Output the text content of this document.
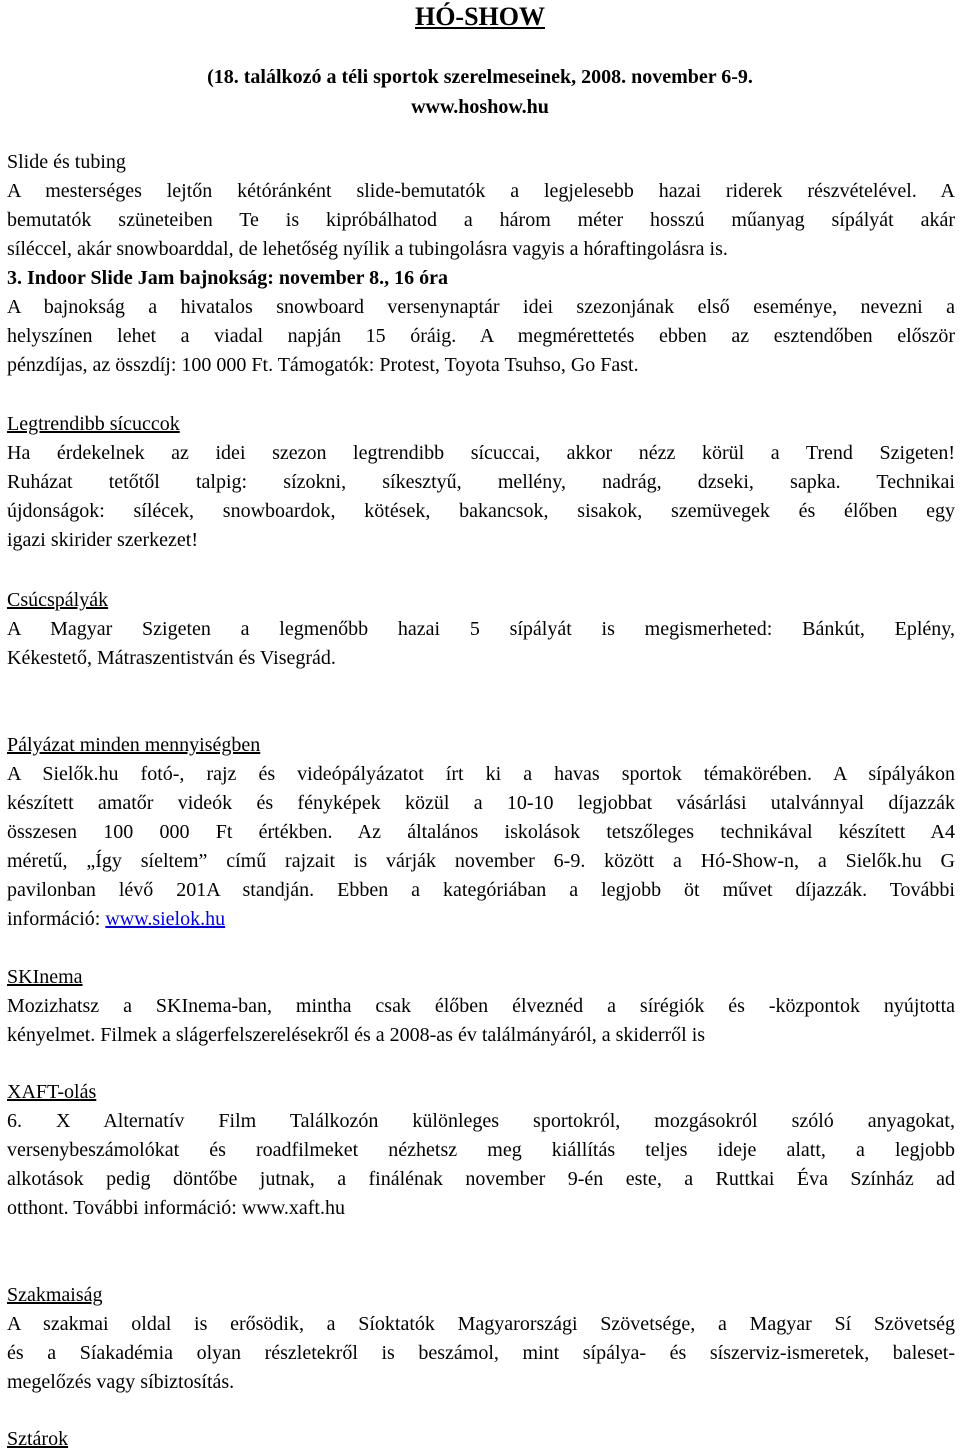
HÓ-SHOW
(18. találkozó a téli sportok szerelmeseinek, 2008. november 6-9.
www.hoshow.hu
Slide és tubing
A mesterséges lejtőn kétóránként slide-bemutatók a legjelesebb hazai riderek részvételével. A
bemutatók szüneteiben Te is kipróbálhatod a három méter hosszú műanyag sípályát akár
síléccel, akár snowboarddal, de lehetőség nyílik a tubingolásra vagyis a hóraftingolásra is.
3. Indoor Slide Jam bajnokság: november 8., 16 óra
A bajnokság a hivatalos snowboard versenynaptár idei szezonjának első eseménye, nevezni a
helyszínen lehet a viadal napján 15 óráig. A megmérettetés ebben az esztendőben először
pénzdíjas, az összdíj: 100 000 Ft. Támogatók: Protest, Toyota Tsuhso, Go Fast.
Legtrendibb sícuccok
Ha érdekelnek az idei szezon legtrendibb sícuccai, akkor nézz körül a Trend Szigeten!
Ruházat tetőtől talpig: sízokni, síkesztyű, mellény, nadrág, dzseki, sapka. Technikai
újdonságok: sílécek, snowboardok, kötések, bakancsok, sisakok, szemüvegek és élőben egy
igazi skirider szerkezet!
Csúcspályák
A Magyar Szigeten a legmenőbb hazai 5 sípályát is megismerheted: Bánkút, Eplény,
Kékestető, Mátraszentistván és Visegrád.
Pályázat minden mennyiségben
A Sielők.hu fotó-, rajz és videópályázatot írt ki a havas sportok témakörében. A sípályákon
készített amatőr videók és fényképek közül a 10-10 legjobbat vásárlási utalvánnyal díjazzák
összesen 100 000 Ft értékben. Az általános iskolások tetszőleges technikával készített A4
méretű, „Így síeltem” című rajzait is várják november 6-9. között a Hó-Show-n, a Sielők.hu G
pavilonban lévő 201A standján. Ebben a kategóriában a legjobb öt művet díjazzák. További
információ: www.sielok.hu
SKInema
Mozizhatsz a SKInema-ban, mintha csak élőben élveznéd a sírégiók és -központok nyújtotta
kényelmet. Filmek a slágerfelszerelésekről és a 2008-as év találmányáról, a skiderről is
XAFT-olás
6. X Alternatív Film Találkozón különleges sportokról, mozgásokról szóló anyagokat,
versenybeszámolókat és roadfilmeket nézhetsz meg kiállítás teljes ideje alatt, a legjobb
alkotások pedig döntőbe jutnak, a finálénak november 9-én este, a Ruttkai Éva Színház ad
otthont. További információ: www.xaft.hu
Szakmaiság
A szakmai oldal is erősödik, a Síoktatók Magyarországi Szövetsége, a Magyar Sí Szövetség
és a Síakadémia olyan részletekről is beszámol, mint sípálya- és síszerviz-ismeretek, baleset-
megelőzés vagy síbiztosítás.
Sztárok
